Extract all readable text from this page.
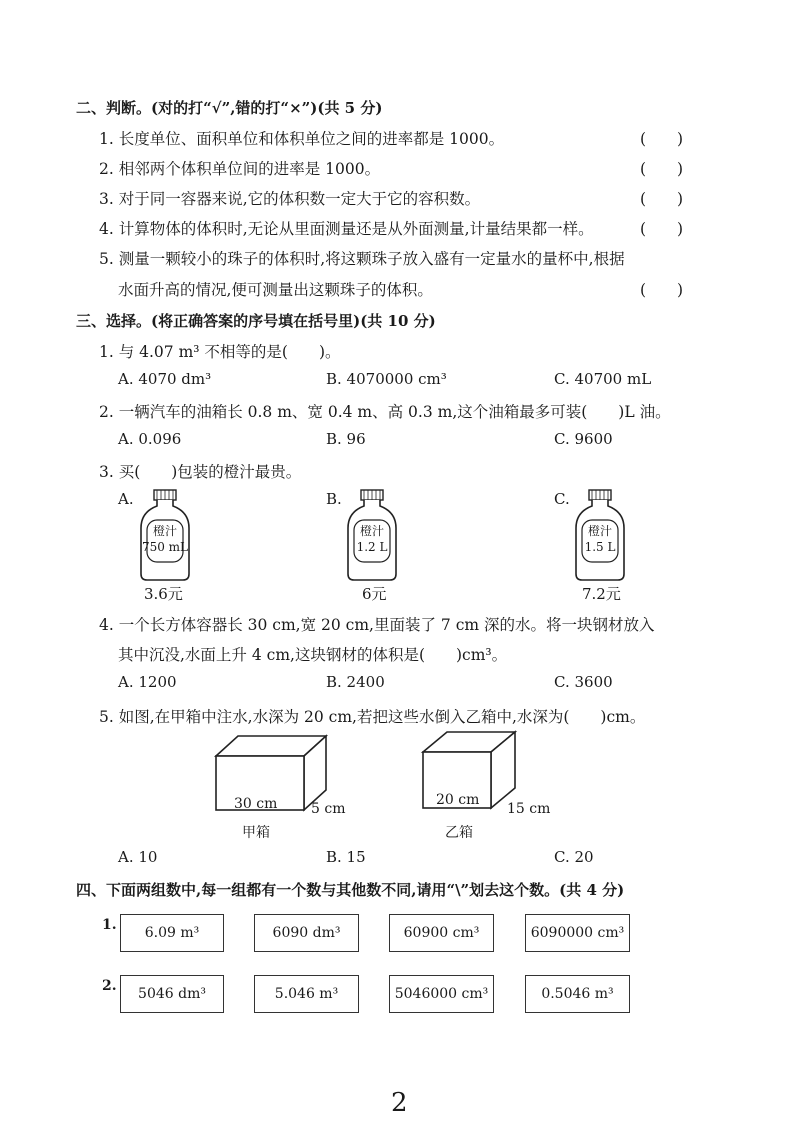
二、判断。(对的打“√”,错的打“×”)(共 5 分)
1. 长度单位、面积单位和体积单位之间的进率都是 1000。	(　　)
2. 相邻两个体积单位间的进率是 1000。	(　　)
3. 对于同一容器来说,它的体积数一定大于它的容积数。	(　　)
4. 计算物体的体积时,无论从里面测量还是从外面测量,计量结果都一样。	(　　)
5. 测量一颗较小的珠子的体积时,将这颗珠子放入盛有一定量水的量杯中,根据
水面升高的情况,便可测量出这颗珠子的体积。	(　　)
三、选择。(将正确答案的序号填在括号里)(共 10 分)
1. 与 4.07 m³ 不相等的是(　　)。
A. 4070 dm³	B. 4070000 cm³	C. 40700 mL
2. 一辆汽车的油箱长 0.8 m、宽 0.4 m、高 0.3 m,这个油箱最多可装(　　)L 油。
A. 0.096	B. 96	C. 9600
3. 买(　　)包装的橙汁最贵。
A.
橙汁
750 mL
3.6元
B.
橙汁
1.2 L
6元
C.
橙汁
1.5 L
7.2元
4. 一个长方体容器长 30 cm,宽 20 cm,里面装了 7 cm 深的水。将一块钢材放入
其中沉没,水面上升 4 cm,这块钢材的体积是(　　)cm³。
A. 1200	B. 2400	C. 3600
5. 如图,在甲箱中注水,水深为 20 cm,若把这些水倒入乙箱中,水深为(　　)cm。
30 cm 5 cm
甲箱
20 cm
15 cm
乙箱
A. 10	B. 15	C. 20
四、下面两组数中,每一组都有一个数与其他数不同,请用“\”划去这个数。(共 4 分)
1.	6.09 m³	6090 dm³	60900 cm³	6090000 cm³
2.	5046 dm³	5.046 m³	5046000 cm³	0.5046 m³
2
